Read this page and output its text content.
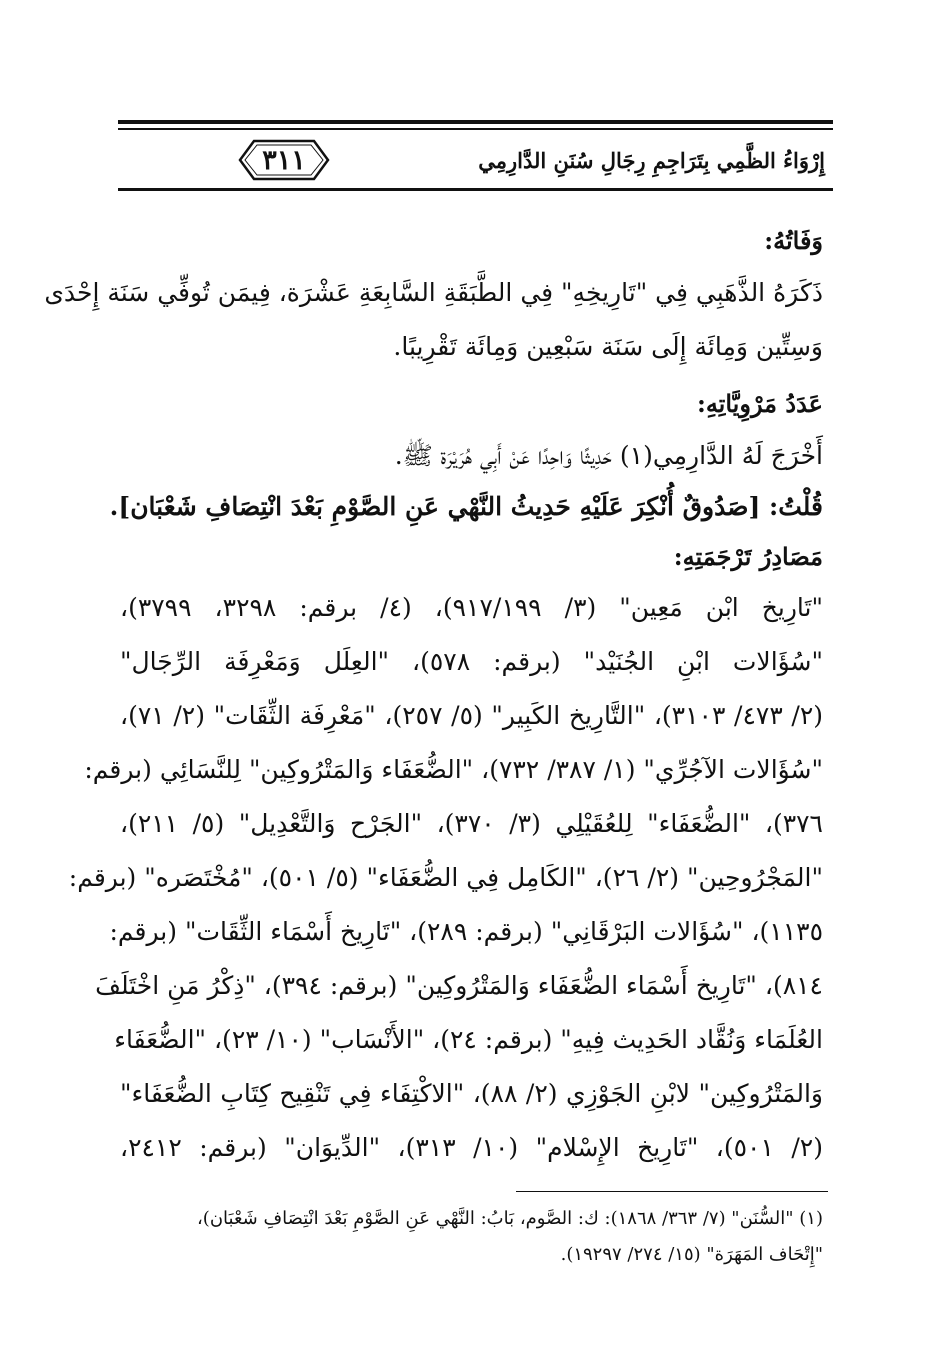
٣١١	إِرْوَاءُ الظَّمِي بِتَرَاجِمِ رِجَالِ سُنَنِ الدَّارِمِي
وَفَاتُهُ:
ذَكَرَهُ الذَّهَبِي فِي "تَارِيخِهِ" فِي الطَّبَقَةِ السَّابِعَةِ عَشْرَة، فِيمَن تُوفِّي سَنَة إِحْدَى
وَسِتِّين وَمِائَة إِلَى سَنَة سَبْعِين وَمِائَة تَقْرِيبًا.
عَدَدُ مَرْوِيَّاتِهِ:
أَخْرَجَ لَهُ الدَّارِمِي(١) حَدِيثًا وَاحِدًا عَنْ أَبِي هُرَيْرَة ﷺ.
قُلْتُ: [صَدُوقٌ أُنْكِرَ عَلَيْهِ حَدِيثُ النَّهْي عَنِ الصَّوْمِ بَعْدَ انْتِصَافِ شَعْبَان].
مَصَادِرُ تَرْجَمَتِهِ:
"تَارِيخ ابْن مَعِين" (٣/ ٩١٧/١٩٩)، (٤/ برقم: ٣٢٩٨، ٣٧٩٩)،
"سُؤَالات ابْنِ الجُنَيْد" (برقم: ٥٧٨)، "العِلَل وَمَعْرِفَة الرِّجَال"
(٢/ ٤٧٣/ ٣١٠٣)، "التَّارِيخ الكَبِير" (٥/ ٢٥٧)، "مَعْرِفَة الثِّقَات" (٢/ ٧١)،
"سُؤَالات الآجُرِّي" (١/ ٣٨٧/ ٧٣٢)، "الضُّعَفَاء وَالمَتْرُوكِين" لِلنَّسَائِي (برقم:
٣٧٦)، "الضُّعَفَاء" لِلعُقَيْلِي (٣/ ٣٧٠)، "الجَرْح وَالتَّعْدِيل" (٥/ ٢١١)،
"المَجْرُوحِين" (٢/ ٢٦)، "الكَامِل فِي الضُّعَفَاء" (٥/ ٥٠١)، "مُخْتَصَره" (برقم:
١١٣٥)، "سُؤَالات البَرْقَانِي" (برقم: ٢٨٩)، "تَارِيخ أَسْمَاء الثِّقَات" (برقم:
٨١٤)، "تَارِيخ أَسْمَاء الضُّعَفَاء وَالمَتْرُوكِين" (برقم: ٣٩٤)، "ذِكْرُ مَنِ اخْتَلَفَ
العُلَمَاء وَنُقَّاد الحَدِيث فِيهِ" (برقم: ٢٤)، "الأَنْسَاب" (١٠/ ٢٣)، "الضُّعَفَاء
وَالمَتْرُوكِين" لابْنِ الجَوْزِي (٢/ ٨٨)، "الاكْتِفَاء فِي تَنْقِيح كِتَابِ الضُّعَفَاء"
(٢/ ٥٠١)، "تَارِيخ الإِسْلام" (١٠/ ٣١٣)، "الدِّيوَان" (برقم: ٢٤١٢،
(١) "السُّنَن" (٧/ ٣٦٣/ ١٨٦٨): ك: الصَّوم، بَابُ: النَّهْي عَنِ الصَّوْمِ بَعْدَ انْتِصَافِ شَعْبَان)،
"إِتْحَاف المَهَرَة" (١٥/ ٢٧٤/ ١٩٢٩٧).
